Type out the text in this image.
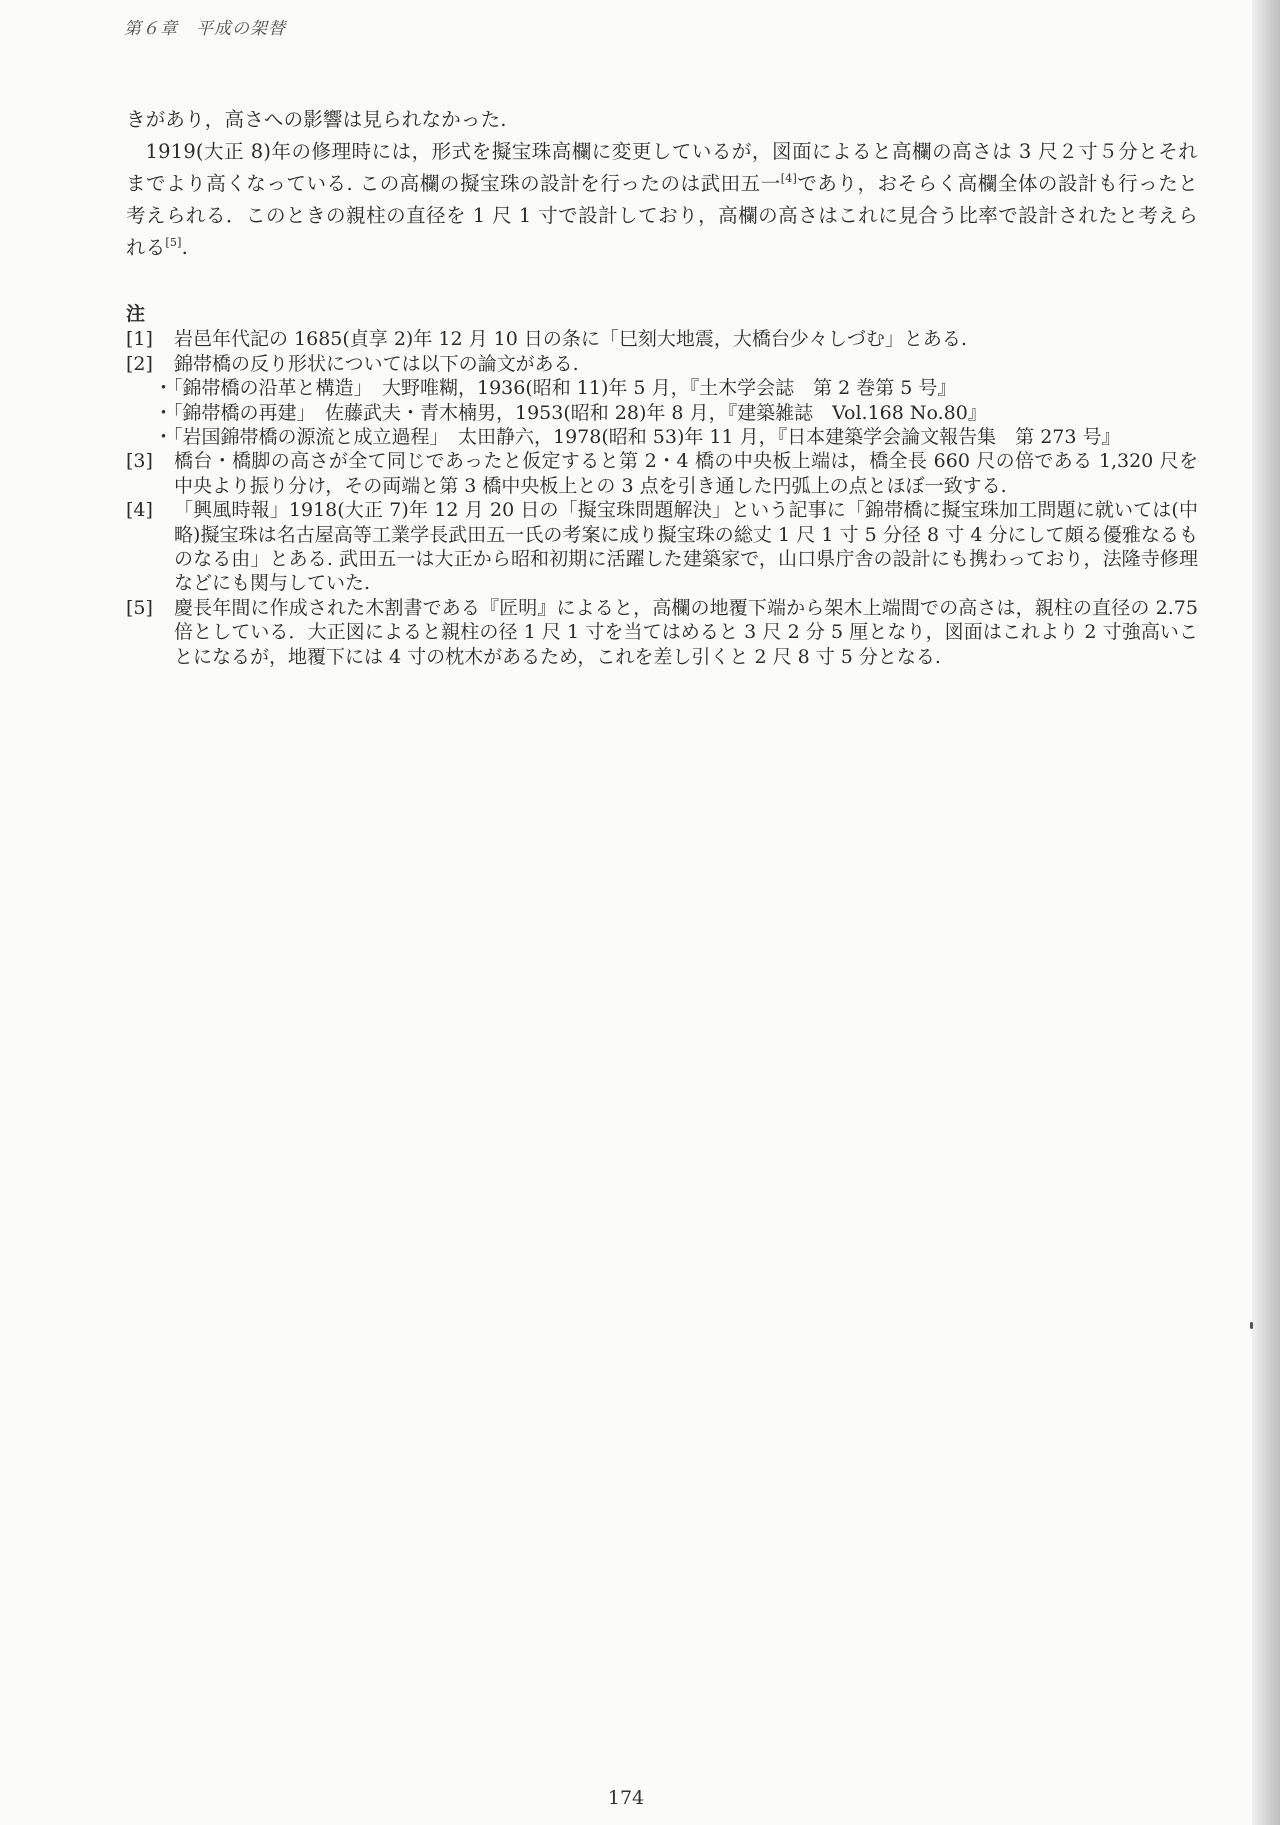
第６章　平成の架替

きがあり，高さへの影響は見られなかった.

1919(大正 8)年の修理時には，形式を擬宝珠高欄に変更しているが，図面によると高欄の高さは 3 尺２寸５分とそれまでより高くなっている. この高欄の擬宝珠の設計を行ったのは武田五一[4]であり，おそらく高欄全体の設計も行ったと考えられる．このときの親柱の直径を 1 尺 1 寸で設計しており，高欄の高さはこれに見合う比率で設計されたと考えられる[5].

注
[1]	岩邑年代記の 1685(貞享 2)年 12 月 10 日の条に「巳刻大地震，大橋台少々しづむ」とある.
[2]	錦帯橋の反り形状については以下の論文がある.
・「錦帯橋の沿革と構造」　大野唯糊，1936(昭和 11)年 5 月，『土木学会誌　第 2 巻第 5 号』
・「錦帯橋の再建」　佐藤武夫・青木楠男，1953(昭和 28)年 8 月，『建築雑誌　Vol.168 No.80』
・「岩国錦帯橋の源流と成立過程」　太田静六，1978(昭和 53)年 11 月，『日本建築学会論文報告集　第 273 号』
[3]	橋台・橋脚の高さが全て同じであったと仮定すると第 2・4 橋の中央板上端は，橋全長 660 尺の倍である 1,320 尺を中央より振り分け，その両端と第 3 橋中央板上との 3 点を引き通した円弧上の点とほぼ一致する.
[4]	「興風時報」1918(大正 7)年 12 月 20 日の「擬宝珠問題解決」という記事に「錦帯橋に擬宝珠加工問題に就いては(中略)擬宝珠は名古屋高等工業学長武田五一氏の考案に成り擬宝珠の総丈 1 尺 1 寸 5 分径 8 寸 4 分にして頗る優雅なるものなる由」とある. 武田五一は大正から昭和初期に活躍した建築家で，山口県庁舎の設計にも携わっており，法隆寺修理などにも関与していた.
[5]	慶長年間に作成された木割書である『匠明』によると，高欄の地覆下端から架木上端間での高さは，親柱の直径の 2.75 倍としている．大正図によると親柱の径 1 尺 1 寸を当てはめると 3 尺 2 分 5 厘となり，図面はこれより 2 寸強高いことになるが，地覆下には 4 寸の枕木があるため，これを差し引くと 2 尺 8 寸 5 分となる.
174
